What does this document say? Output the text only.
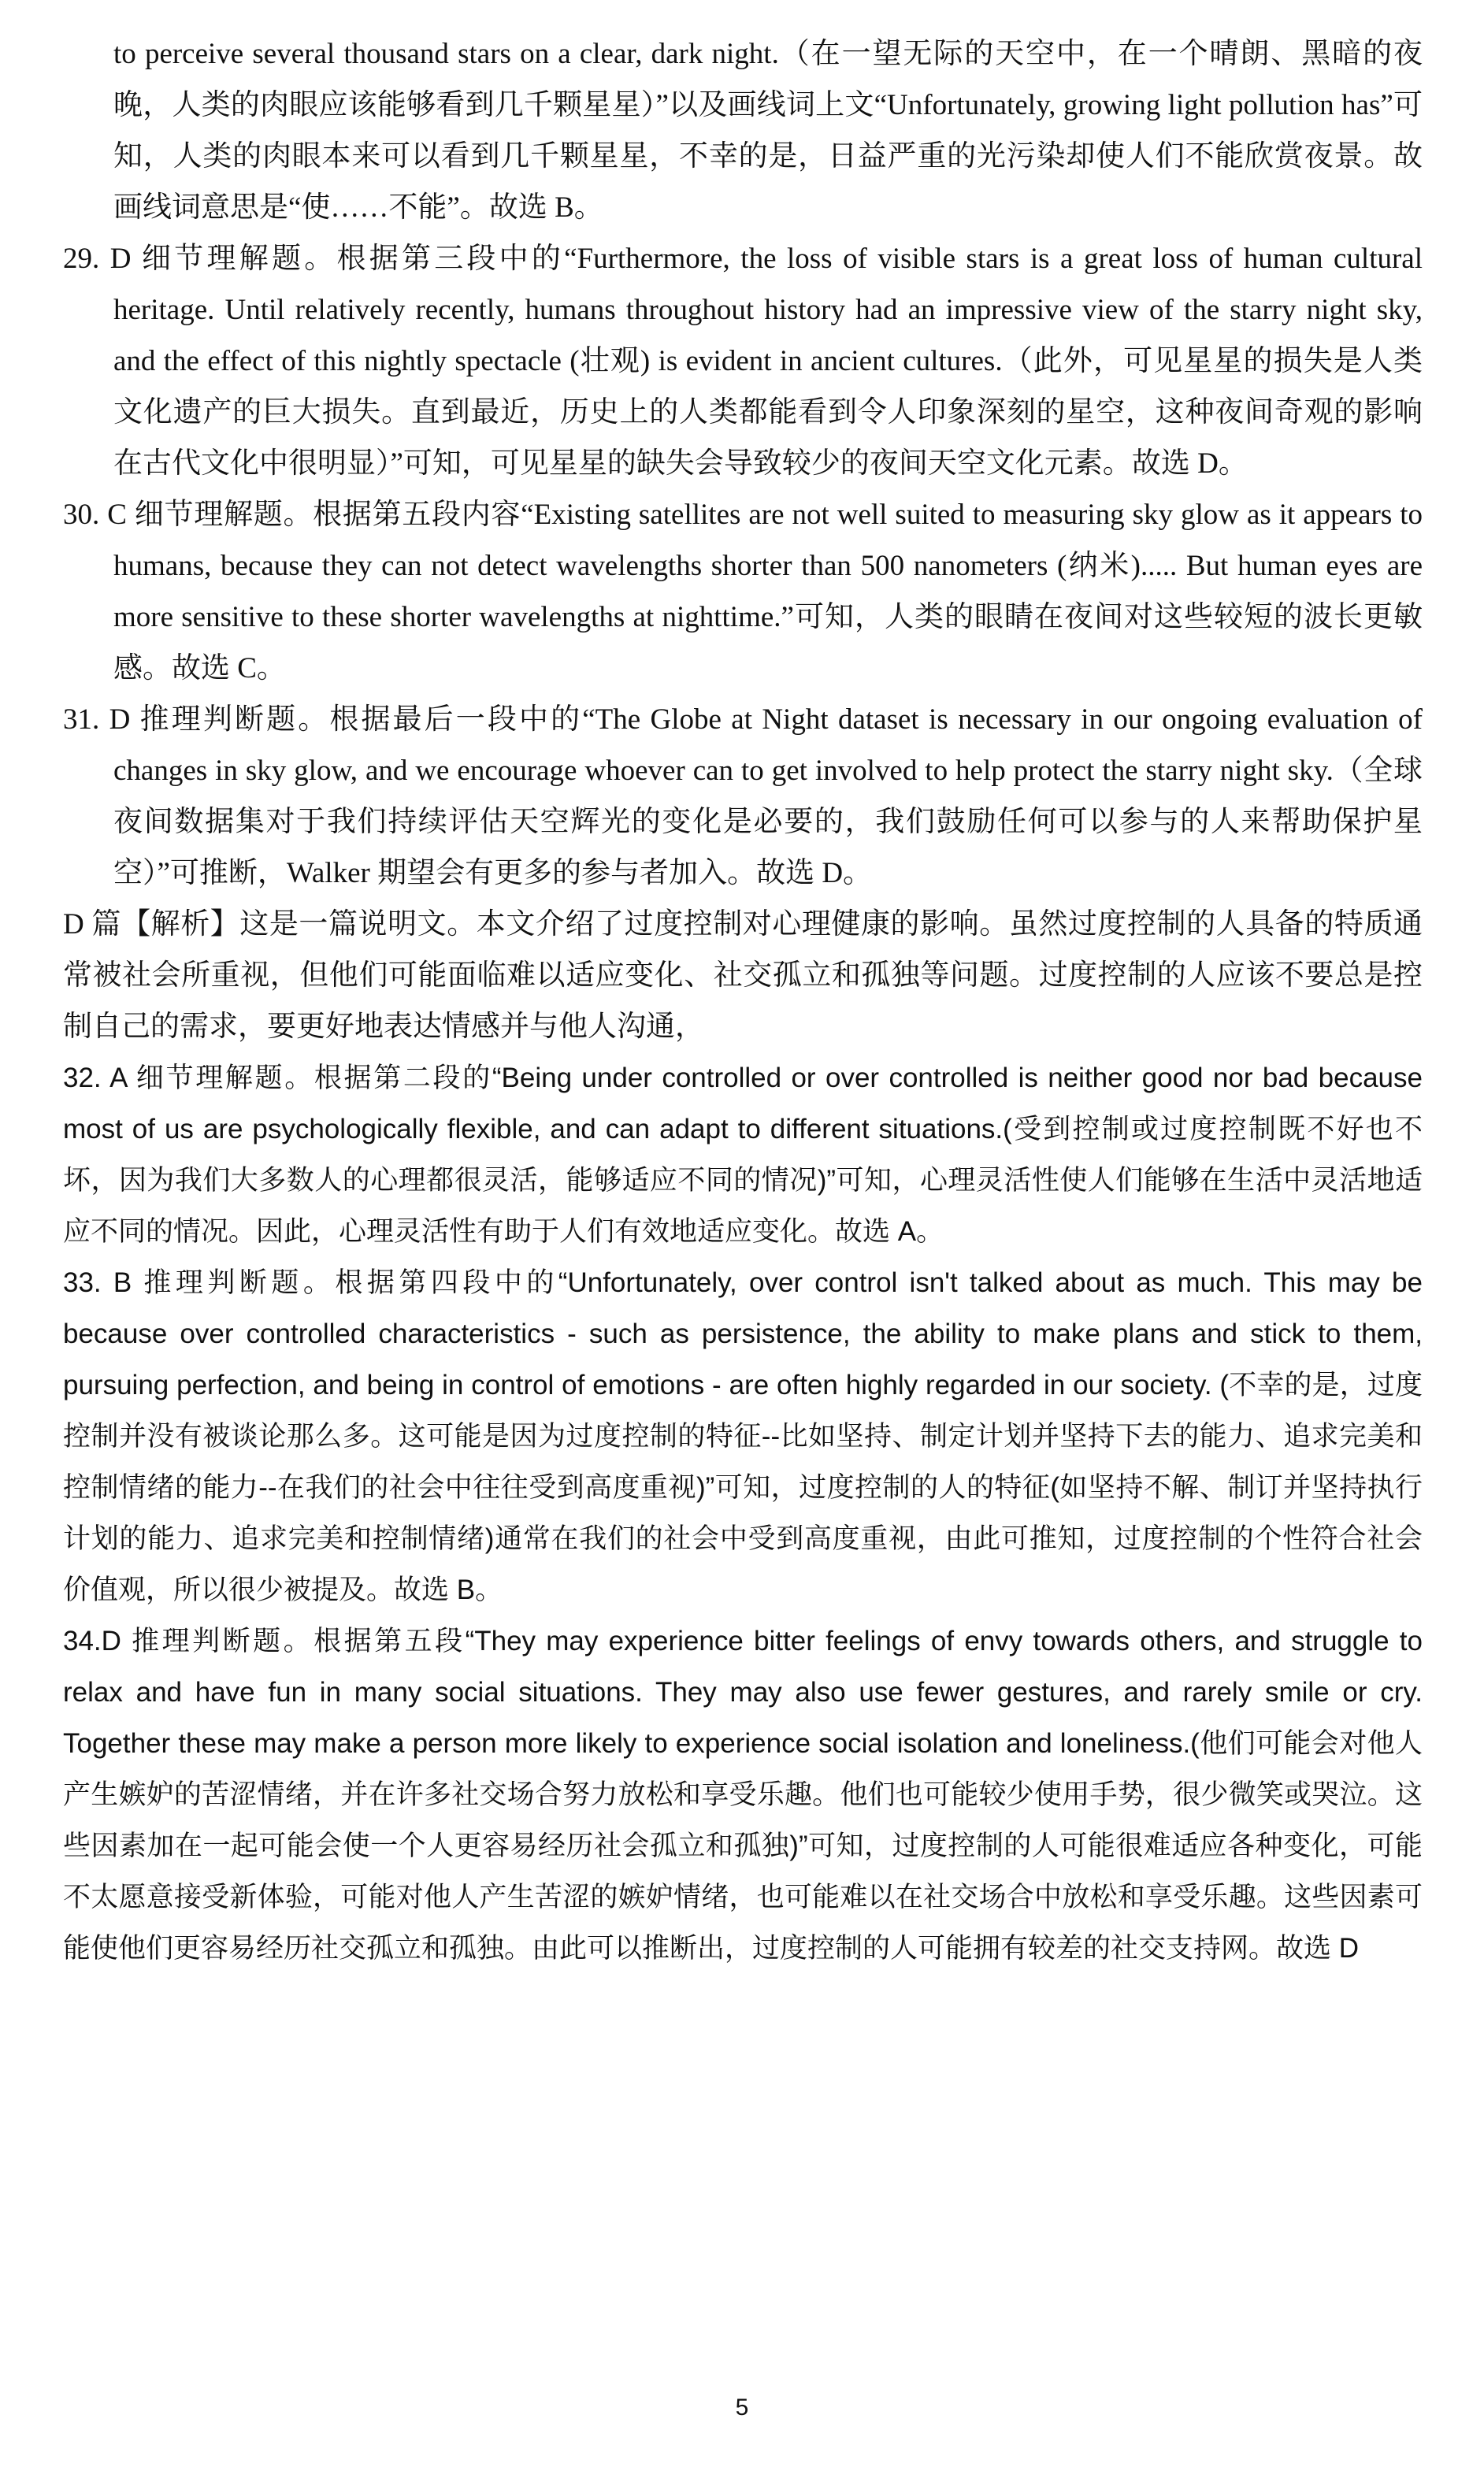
to perceive several thousand stars on a clear, dark night.（在一望无际的天空中，在一个晴朗、黑暗的夜晚，人类的肉眼应该能够看到几千颗星星）”以及画线词上文“Unfortunately, growing light pollution has”可知，人类的肉眼本来可以看到几千颗星星，不幸的是，日益严重的光污染却使人们不能欣赏夜景。故画线词意思是“使……不能”。故选 B。

29. D 细节理解题。根据第三段中的“Furthermore, the loss of visible stars is a great loss of human cultural heritage. Until relatively recently, humans throughout history had an impressive view of the starry night sky, and the effect of this nightly spectacle (壮观) is evident in ancient cultures.（此外，可见星星的损失是人类文化遗产的巨大损失。直到最近，历史上的人类都能看到令人印象深刻的星空，这种夜间奇观的影响在古代文化中很明显）”可知，可见星星的缺失会导致较少的夜间天空文化元素。故选 D。

30. C 细节理解题。根据第五段内容“Existing satellites are not well suited to measuring sky glow as it appears to humans, because they can not detect wavelengths shorter than 500 nanometers (纳米)..... But human eyes are more sensitive to these shorter wavelengths at nighttime.”可知，人类的眼睛在夜间对这些较短的波长更敏感。故选 C。

31. D 推理判断题。根据最后一段中的“The Globe at Night dataset is necessary in our ongoing evaluation of changes in sky glow, and we encourage whoever can to get involved to help protect the starry night sky.（全球夜间数据集对于我们持续评估天空辉光的变化是必要的，我们鼓励任何可以参与的人来帮助保护星空）”可推断，Walker 期望会有更多的参与者加入。故选 D。

D 篇【解析】这是一篇说明文。本文介绍了过度控制对心理健康的影响。虽然过度控制的人具备的特质通常被社会所重视，但他们可能面临难以适应变化、社交孤立和孤独等问题。过度控制的人应该不要总是控制自己的需求，要更好地表达情感并与他人沟通，

32. A 细节理解题。根据第二段的“Being under controlled or over controlled is neither good nor bad because most of us are psychologically flexible, and can adapt to different situations.(受到控制或过度控制既不好也不坏，因为我们大多数人的心理都很灵活，能够适应不同的情况)”可知，心理灵活性使人们能够在生活中灵活地适应不同的情况。因此，心理灵活性有助于人们有效地适应变化。故选 A。

33. B 推理判断题。根据第四段中的“Unfortunately, over control isn't talked about as much. This may be because over controlled characteristics - such as persistence, the ability to make plans and stick to them, pursuing perfection, and being in control of emotions - are often highly regarded in our society. (不幸的是，过度控制并没有被谈论那么多。这可能是因为过度控制的特征--比如坚持、制定计划并坚持下去的能力、追求完美和控制情绪的能力--在我们的社会中往往受到高度重视)”可知，过度控制的人的特征(如坚持不解、制订并坚持执行计划的能力、追求完美和控制情绪)通常在我们的社会中受到高度重视，由此可推知，过度控制的个性符合社会价值观，所以很少被提及。故选 B。

34.D 推理判断题。根据第五段“They may experience bitter feelings of envy towards others, and struggle to relax and have fun in many social situations. They may also use fewer gestures, and rarely smile or cry. Together these may make a person more likely to experience social isolation and loneliness.(他们可能会对他人产生嫉妒的苦涩情绪，并在许多社交场合努力放松和享受乐趣。他们也可能较少使用手势，很少微笑或哭泣。这些因素加在一起可能会使一个人更容易经历社会孤立和孤独)”可知，过度控制的人可能很难适应各种变化，可能不太愿意接受新体验，可能对他人产生苦涩的嫉妒情绪，也可能难以在社交场合中放松和享受乐趣。这些因素可能使他们更容易经历社交孤立和孤独。由此可以推断出，过度控制的人可能拥有较差的社交支持网。故选 D

5
